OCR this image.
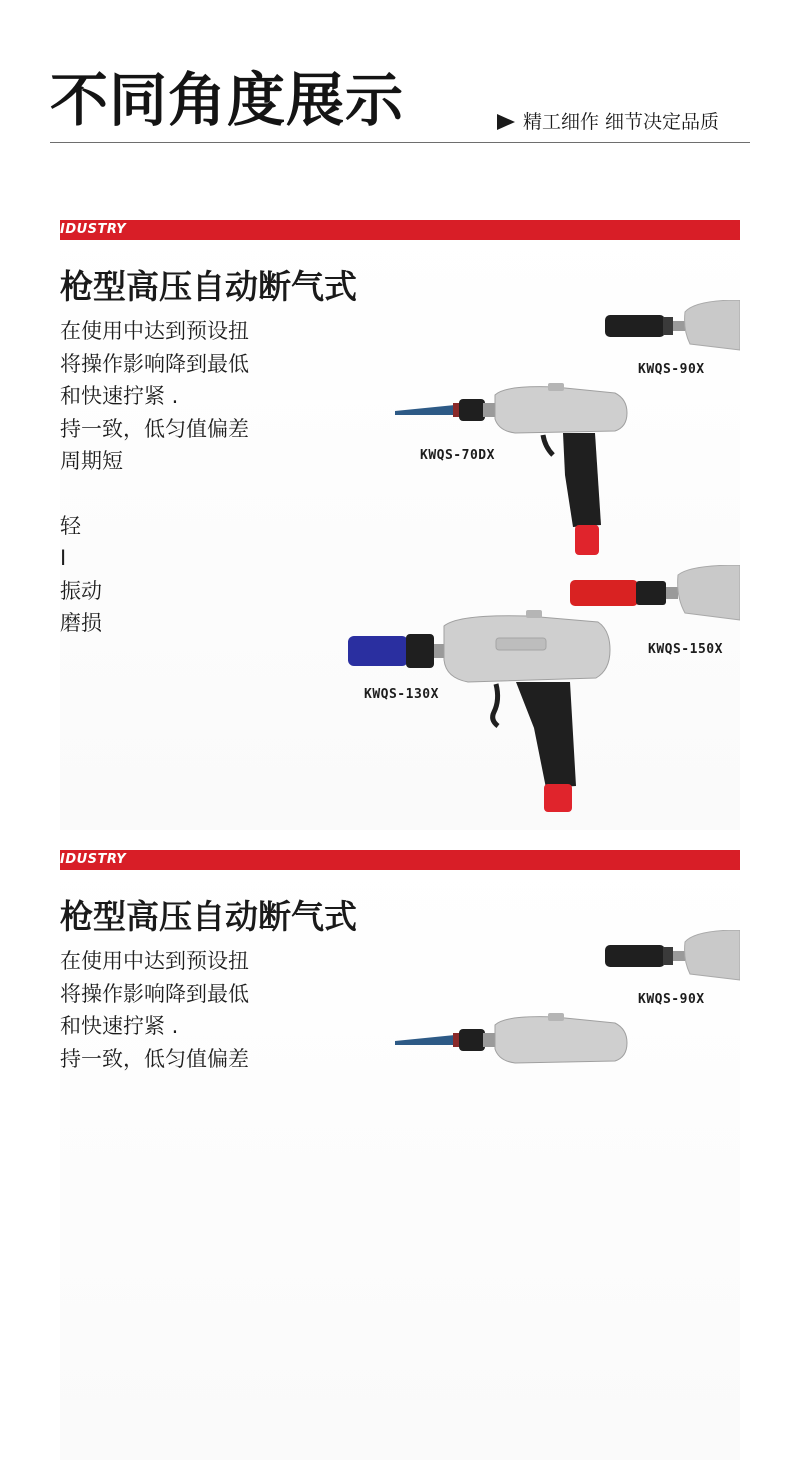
不同角度展示	精工细作 细节决定品质
IDUSTRY
枪型高压自动断气式
在使用中达到预设扭
将操作影响降到最低
和快速拧紧 .
持一致，低匀值偏差
周期短
轻
I
振动
磨损
KWQS-90X
KWQS-70DX
KWQS-150X
KWQS-130X
IDUSTRY
枪型高压自动断气式
在使用中达到预设扭
将操作影响降到最低
和快速拧紧 .
持一致，低匀值偏差
KWQS-90X
